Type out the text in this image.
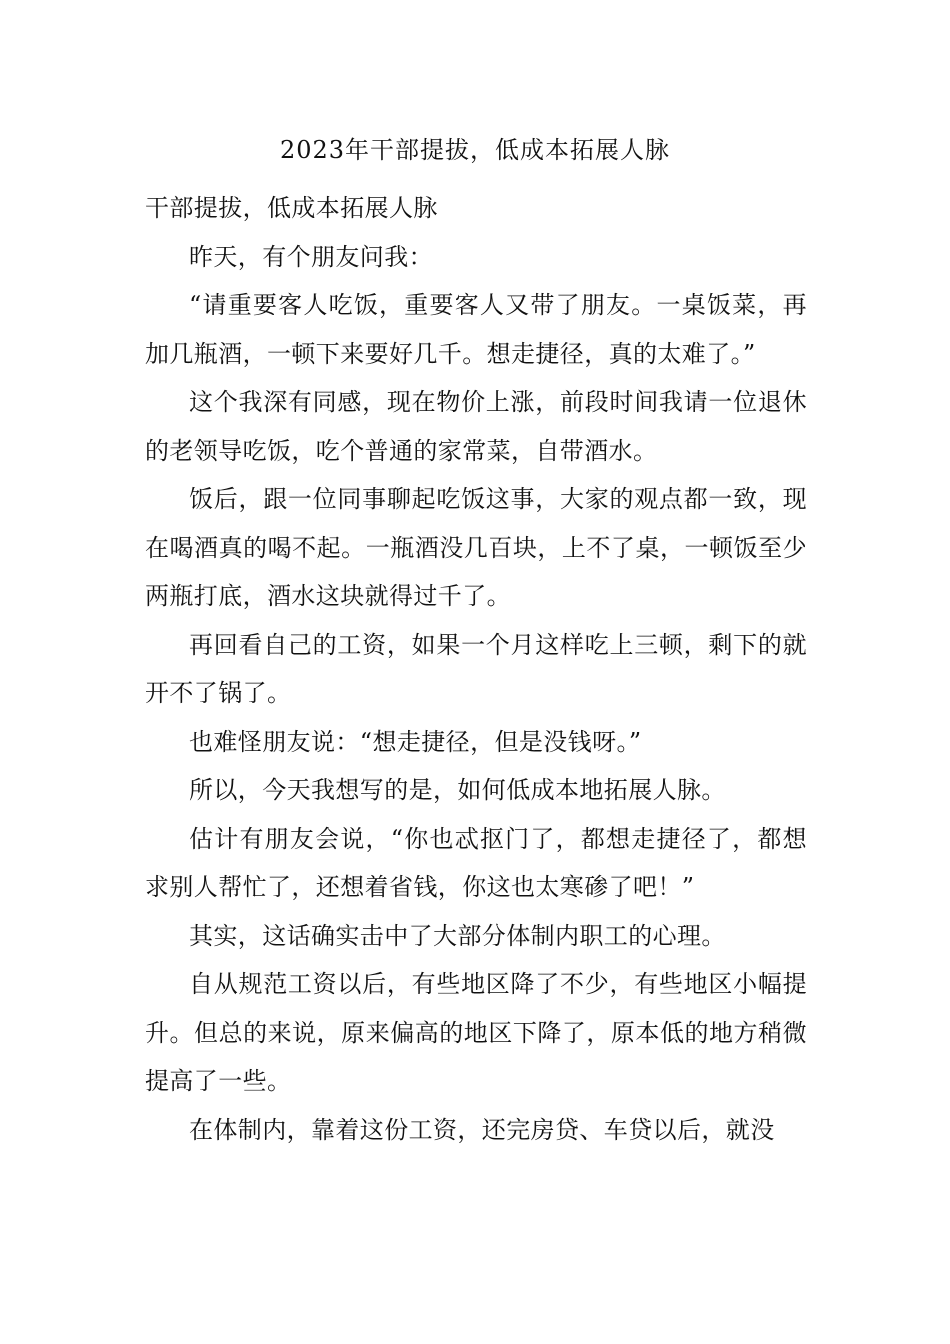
2023年干部提拔，低成本拓展人脉

干部提拔，低成本拓展人脉

昨天，有个朋友问我：

“请重要客人吃饭，重要客人又带了朋友。一桌饭菜，再加几瓶酒，一顿下来要好几千。想走捷径，真的太难了。”

这个我深有同感，现在物价上涨，前段时间我请一位退休的老领导吃饭，吃个普通的家常菜，自带酒水。

饭后，跟一位同事聊起吃饭这事，大家的观点都一致，现在喝酒真的喝不起。一瓶酒没几百块，上不了桌，一顿饭至少两瓶打底，酒水这块就得过千了。

再回看自己的工资，如果一个月这样吃上三顿，剩下的就开不了锅了。

也难怪朋友说：“想走捷径，但是没钱呀。”

所以，今天我想写的是，如何低成本地拓展人脉。

估计有朋友会说，“你也忒抠门了，都想走捷径了，都想求别人帮忙了，还想着省钱，你这也太寒碜了吧！”

其实，这话确实击中了大部分体制内职工的心理。

自从规范工资以后，有些地区降了不少，有些地区小幅提升。但总的来说，原来偏高的地区下降了，原本低的地方稍微提高了一些。

在体制内，靠着这份工资，还完房贷、车贷以后，就没
